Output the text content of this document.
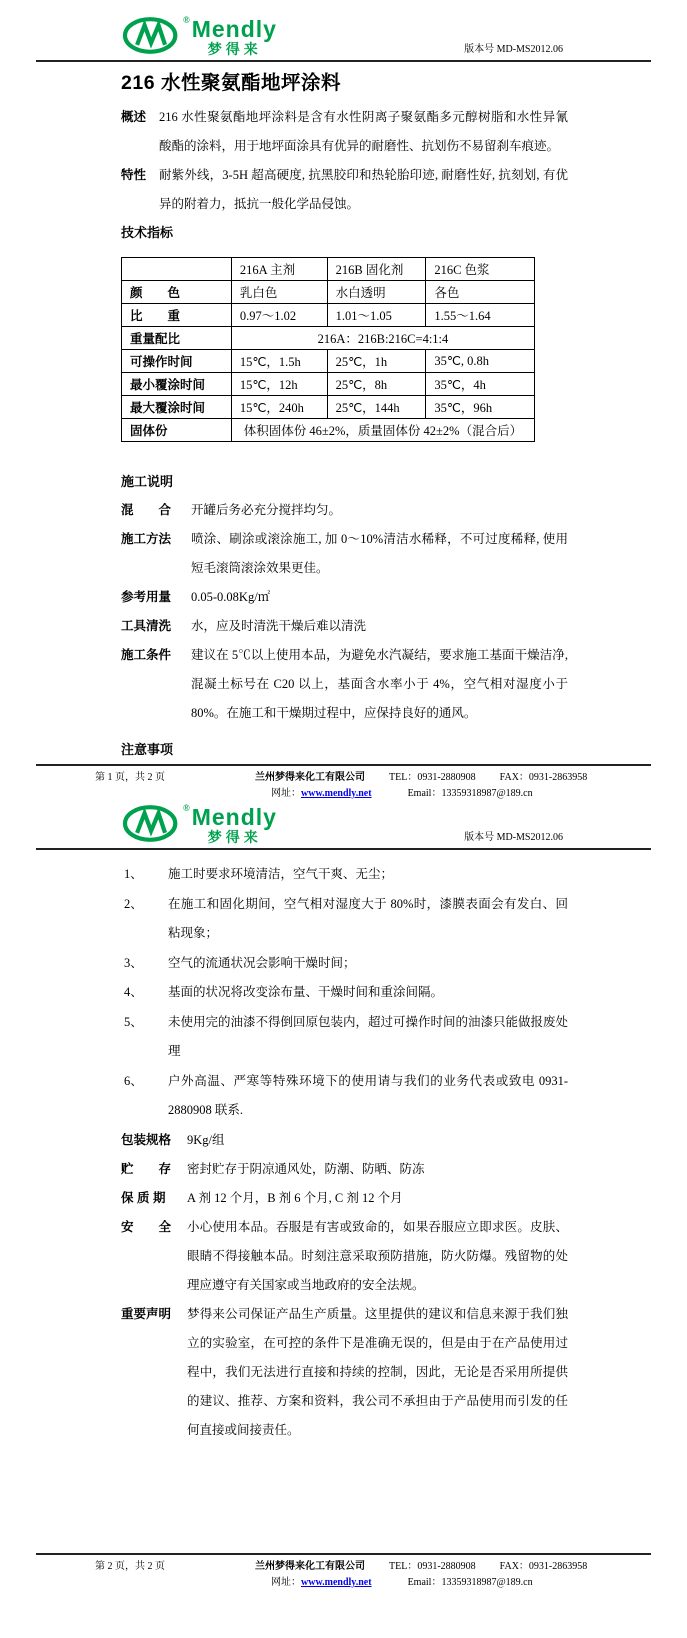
® Mendly
梦得来	版本号 MD-MS2012.06
216 水性聚氨酯地坪涂料
概述	216 水性聚氨酯地坪涂料是含有水性阴离子聚氨酯多元醇树脂和水性异氰酸酯的涂料，用于地坪面涂具有优异的耐磨性、抗划伤不易留刹车痕迹。
特性	耐紫外线，3-5H 超高硬度, 抗黑胶印和热轮胎印迹, 耐磨性好, 抗刻划, 有优异的附着力，抵抗一般化学品侵蚀。
技术指标
	216A 主剂	216B 固化剂	216C 色浆
颜　　色	乳白色	水白透明	各色
比　　重	0.97～1.02	1.01～1.05	1.55～1.64
重量配比	216A：216B:216C=4:1:4		
可操作时间	15℃，1.5h	25℃，1h	35℃, 0.8h
最小覆涂时间	15℃，12h	25℃，8h	35℃，4h
最大覆涂时间	15℃，240h	25℃，144h	35℃，96h
固体份	体积固体份 46±2%，质量固体份 42±2%（混合后）		
施工说明
混　　合	开罐后务必充分搅拌均匀。
施工方法	喷涂、刷涂或滚涂施工, 加 0～10%清洁水稀释，不可过度稀释, 使用短毛滚筒滚涂效果更佳。
参考用量	0.05-0.08Kg/㎡
工具清洗	水，应及时清洗干燥后难以清洗
施工条件	建议在 5℃以上使用本品，为避免水汽凝结，要求施工基面干燥洁净, 混凝土标号在 C20 以上，基面含水率小于 4%，空气相对湿度小于 80%。在施工和干燥期过程中，应保持良好的通风。
注意事项
第 1 页，共 2 页	兰州梦得来化工有限公司 TEL：0931-2880908 FAX：0931-2863958
网址：www.mendly.net	Email：13359318987@189.cn
® Mendly
梦得来	版本号 MD-MS2012.06
1、	施工时要求环境清洁，空气干爽、无尘；
2、	在施工和固化期间，空气相对湿度大于 80%时，漆膜表面会有发白、回粘现象；
3、	空气的流通状况会影响干燥时间；
4、	基面的状况将改变涂布量、干燥时间和重涂间隔。
5、	未使用完的油漆不得倒回原包装内，超过可操作时间的油漆只能做报废处理
6、	户外高温、严寒等特殊环境下的使用请与我们的业务代表或致电 0931-2880908 联系.
包装规格	9Kg/组
贮　　存	密封贮存于阴凉通风处，防潮、防晒、防冻
保 质 期	A 剂 12 个月，B 剂 6 个月, C 剂 12 个月
安　　全	小心使用本品。吞服是有害或致命的，如果吞服应立即求医。皮肤、眼睛不得接触本品。时刻注意采取预防措施，防火防爆。残留物的处理应遵守有关国家或当地政府的安全法规。
重要声明	梦得来公司保证产品生产质量。这里提供的建议和信息来源于我们独立的实验室，在可控的条件下是准确无误的，但是由于在产品使用过程中，我们无法进行直接和持续的控制，因此，无论是否采用所提供的建议、推荐、方案和资料，我公司不承担由于产品使用而引发的任何直接或间接责任。
第 2 页，共 2 页	兰州梦得来化工有限公司 TEL：0931-2880908 FAX：0931-2863958
网址：www.mendly.net	Email：13359318987@189.cn
